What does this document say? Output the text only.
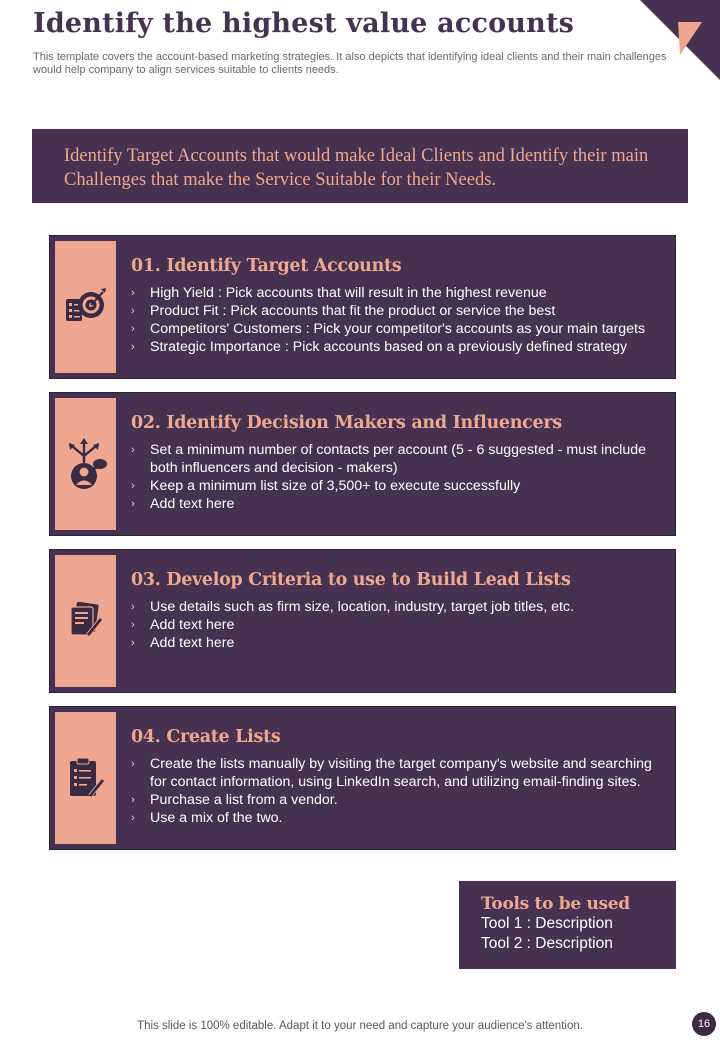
Identify the highest value accounts
This template covers the account-based marketing strategies. It also depicts that identifying ideal clients and their main challenges would help company to align services suitable to clients needs.
Identify Target Accounts that would make Ideal Clients and Identify their main Challenges that make the Service Suitable for their Needs.
01. Identify Target Accounts
› High Yield : Pick accounts that will result in the highest revenue
› Product Fit : Pick accounts that fit the product or service the best
› Competitors' Customers : Pick your competitor's accounts as your main targets
› Strategic Importance : Pick accounts based on a previously defined strategy
02. Identify Decision Makers and Influencers
› Set a minimum number of contacts per account (5 - 6 suggested - must include both influencers and decision - makers)
› Keep a minimum list size of 3,500+ to execute successfully
› Add text here
03. Develop Criteria to use to Build Lead Lists
› Use details such as firm size, location, industry, target job titles, etc.
› Add text here
› Add text here
04. Create Lists
› Create the lists manually by visiting the target company's website and searching for contact information, using LinkedIn search, and utilizing email-finding sites.
› Purchase a list from a vendor.
› Use a mix of the two.
Tools to be used
Tool 1 : Description
Tool 2 : Description
This slide is 100% editable. Adapt it to your need and capture your audience's attention.	16
